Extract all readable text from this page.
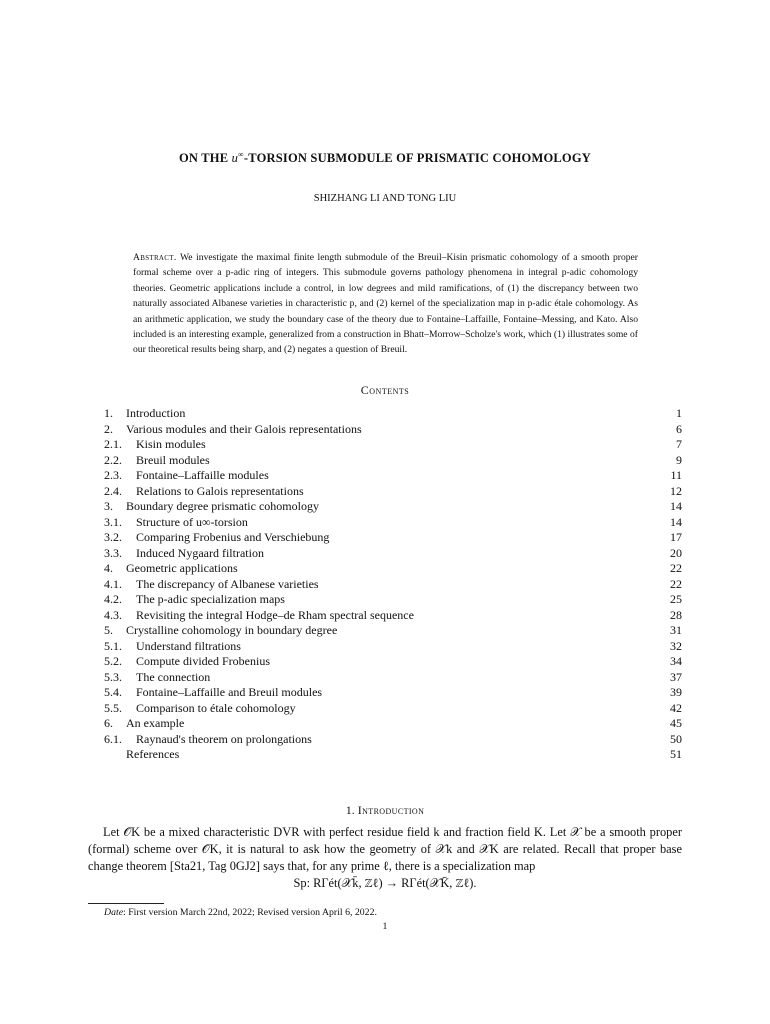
ON THE u∞-TORSION SUBMODULE OF PRISMATIC COHOMOLOGY
SHIZHANG LI AND TONG LIU
Abstract. We investigate the maximal finite length submodule of the Breuil–Kisin prismatic cohomology of a smooth proper formal scheme over a p-adic ring of integers. This submodule governs pathology phenomena in integral p-adic cohomology theories. Geometric applications include a control, in low degrees and mild ramifications, of (1) the discrepancy between two naturally associated Albanese varieties in characteristic p, and (2) kernel of the specialization map in p-adic étale cohomology. As an arithmetic application, we study the boundary case of the theory due to Fontaine–Laffaille, Fontaine–Messing, and Kato. Also included is an interesting example, generalized from a construction in Bhatt–Morrow–Scholze's work, which (1) illustrates some of our theoretical results being sharp, and (2) negates a question of Breuil.
Contents
1.	Introduction	1
2.	Various modules and their Galois representations	6
2.1.	Kisin modules	7
2.2.	Breuil modules	9
2.3.	Fontaine–Laffaille modules	11
2.4.	Relations to Galois representations	12
3.	Boundary degree prismatic cohomology	14
3.1.	Structure of u∞-torsion	14
3.2.	Comparing Frobenius and Verschiebung	17
3.3.	Induced Nygaard filtration	20
4.	Geometric applications	22
4.1.	The discrepancy of Albanese varieties	22
4.2.	The p-adic specialization maps	25
4.3.	Revisiting the integral Hodge–de Rham spectral sequence	28
5.	Crystalline cohomology in boundary degree	31
5.1.	Understand filtrations	32
5.2.	Compute divided Frobenius	34
5.3.	The connection	37
5.4.	Fontaine–Laffaille and Breuil modules	39
5.5.	Comparison to étale cohomology	42
6.	An example	45
6.1.	Raynaud's theorem on prolongations	50
References	51
1. Introduction

Let 𝒪K be a mixed characteristic DVR with perfect residue field k and fraction field K. Let 𝒳 be a smooth proper (formal) scheme over 𝒪K, it is natural to ask how the geometry of 𝒳k and 𝒳K are related. Recall that proper base change theorem [Sta21, Tag 0GJ2] says that, for any prime ℓ, there is a specialization map

Sp: RΓét(𝒳k̄, ℤℓ) → RΓét(𝒳K̄, ℤℓ).
Date: First version March 22nd, 2022; Revised version April 6, 2022.
1
